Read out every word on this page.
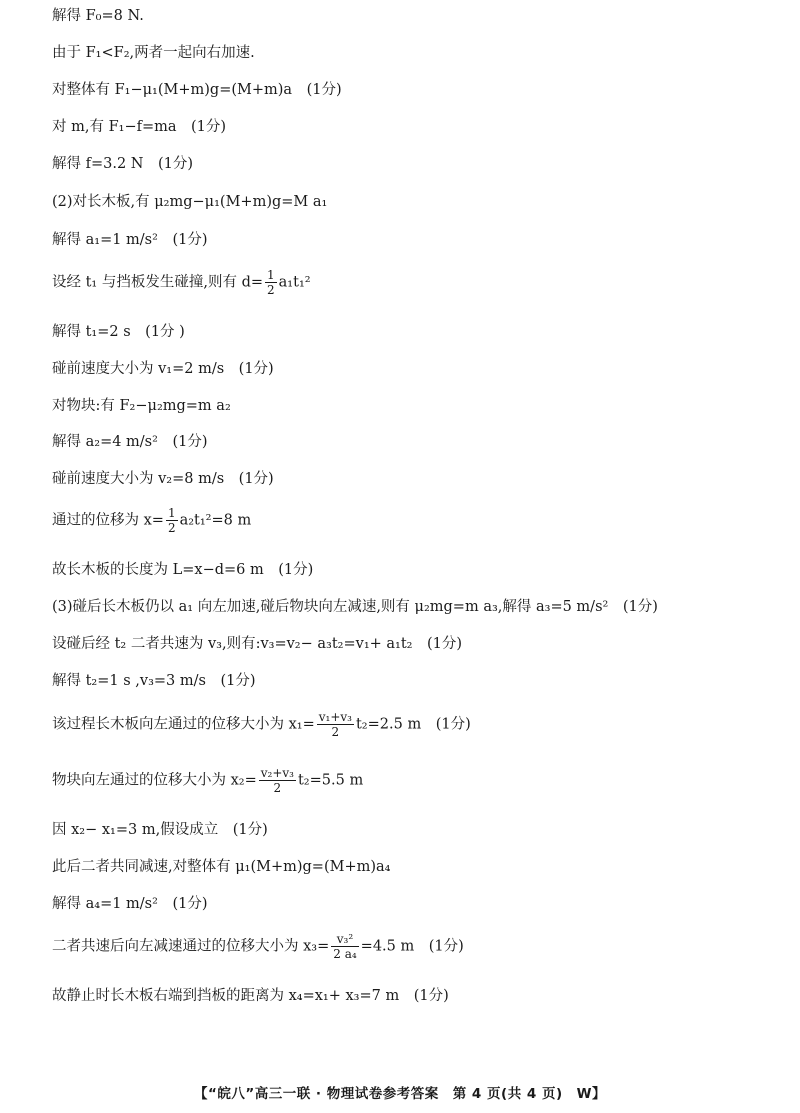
解得 F₀=8 N.
由于 F₁<F₂,两者一起向右加速.
对整体有 F₁−μ₁(M+m)g=(M+m)a　(1分)
对 m,有 F₁−f=ma　(1分)
解得 f=3.2 N　(1分)
(2)对长木板,有 μ₂mg−μ₁(M+m)g=M a₁
解得 a₁=1 m/s²　(1分)
设经 t₁ 与挡板发生碰撞,则有 $d= \frac{1}{2} a_1t_1^2$
解得 t₁=2 s　(1分 )
碰前速度大小为 v₁=2 m/s　(1分)
对物块:有 F₂−μ₂mg=m a₂
解得 a₂=4 m/s²　(1分)
碰前速度大小为 v₂=8 m/s　(1分)
通过的位移为 $x= \frac{1}{2} a_2t_1^2=8$ m
故长木板的长度为 L=x−d=6 m　(1分)
(3)碰后长木板仍以 a₁ 向左加速,碰后物块向左减速,则有 μ₂mg=m a₃,解得 a₃=5 m/s²　(1分)
设碰后经 t₂ 二者共速为 v₃,则有:v₃=v₂− a₃t₂=v₁+ a₁t₂　(1分)
解得 t₂=1 s ,v₃=3 m/s　(1分)
该过程长木板向左通过的位移大小为 $x_1= \frac{\text{v₁+v₃}}{2} t_2=2.5$ m　(1分)
物块向左通过的位移大小为 $x_2= \frac{\text{v₂+v₃}}{2} t_2=5.5$ m
因 x₂− x₁=3 m,假设成立　(1分)
此后二者共同减速,对整体有 μ₁(M+m)g=(M+m)a₄
解得 a₄=1 m/s²　(1分)
二者共速后向左减速通过的位移大小为 $x_3= \frac{\text{v₃²}}{\text{2 a₄}} =4.5$ m　(1分)
故静止时长木板右端到挡板的距离为 x₄=x₁+ x₃=7 m　(1分)
【“皖八”高三一联 · 物理试卷参考答案　第 4 页(共 4 页)　W】
